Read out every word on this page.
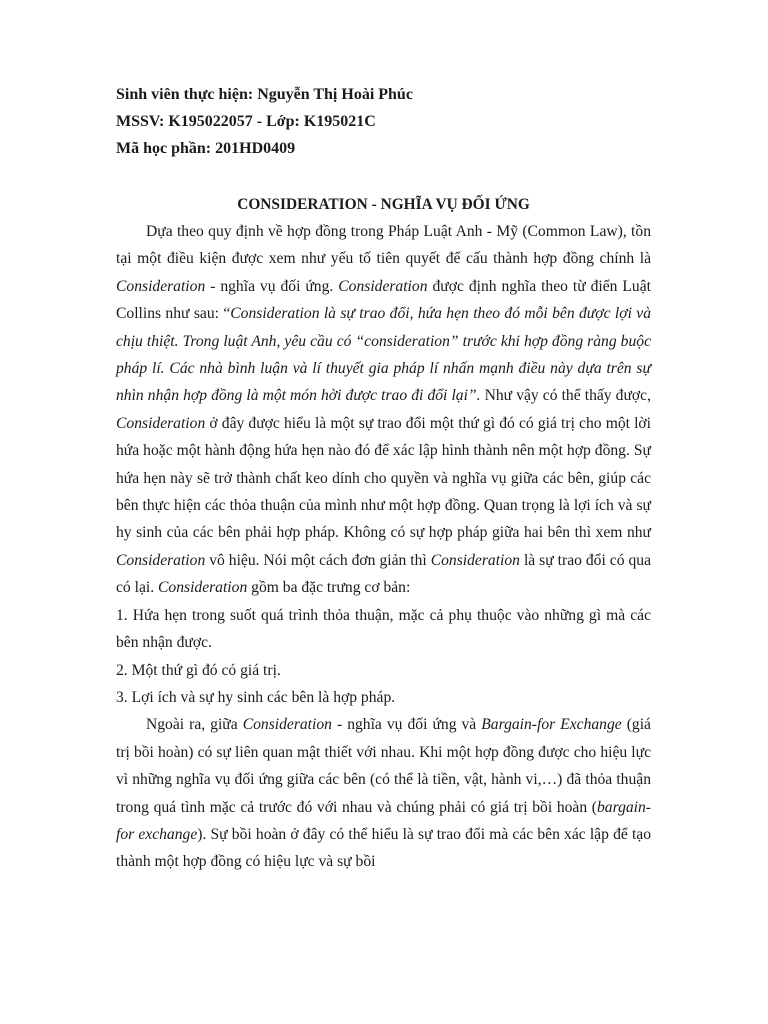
Sinh viên thực hiện: Nguyễn Thị Hoài Phúc

MSSV: K195022057 - Lớp: K195021C

Mã học phần: 201HD0409

CONSIDERATION - NGHĨA VỤ ĐỐI ỨNG

Dựa theo quy định về hợp đồng trong Pháp Luật Anh - Mỹ (Common Law), tồn tại một điều kiện được xem như yếu tố tiên quyết để cấu thành hợp đồng chính là Consideration - nghĩa vụ đối ứng. Consideration được định nghĩa theo từ điển Luật Collins như sau: “Consideration là sự trao đổi, hứa hẹn theo đó mỗi bên được lợi và chịu thiệt. Trong luật Anh, yêu cầu có “consideration” trước khi hợp đồng ràng buộc pháp lí. Các nhà bình luận và lí thuyết gia pháp lí nhấn mạnh điều này dựa trên sự nhìn nhận hợp đồng là một món hời được trao đi đổi lại”. Như vậy có thể thấy được, Consideration ở đây được hiểu là một sự trao đổi một thứ gì đó có giá trị cho một lời hứa hoặc một hành động hứa hẹn nào đó để xác lập hình thành nên một hợp đồng. Sự hứa hẹn này sẽ trở thành chất keo dính cho quyền và nghĩa vụ giữa các bên, giúp các bên thực hiện các thỏa thuận của mình như một hợp đồng. Quan trọng là lợi ích và sự hy sinh của các bên phải hợp pháp. Không có sự hợp pháp giữa hai bên thì xem như Consideration vô hiệu. Nói một cách đơn giản thì Consideration là sự trao đổi có qua có lại. Consideration gồm ba đặc trưng cơ bản:

1. Hứa hẹn trong suốt quá trình thỏa thuận, mặc cả phụ thuộc vào những gì mà các bên nhận được.

2. Một thứ gì đó có giá trị.

3. Lợi ích và sự hy sinh các bên là hợp pháp.

Ngoài ra, giữa Consideration - nghĩa vụ đối ứng và Bargain-for Exchange (giá trị bồi hoàn) có sự liên quan mật thiết với nhau. Khi một hợp đồng được cho hiệu lực vì những nghĩa vụ đối ứng giữa các bên (có thể là tiền, vật, hành vi,…) đã thỏa thuận trong quá tình mặc cả trước đó với nhau và chúng phải có giá trị bồi hoàn (bargain-for exchange). Sự bồi hoàn ở đây có thể hiểu là sự trao đổi mà các bên xác lập để tạo thành một hợp đồng có hiệu lực và sự bồi
